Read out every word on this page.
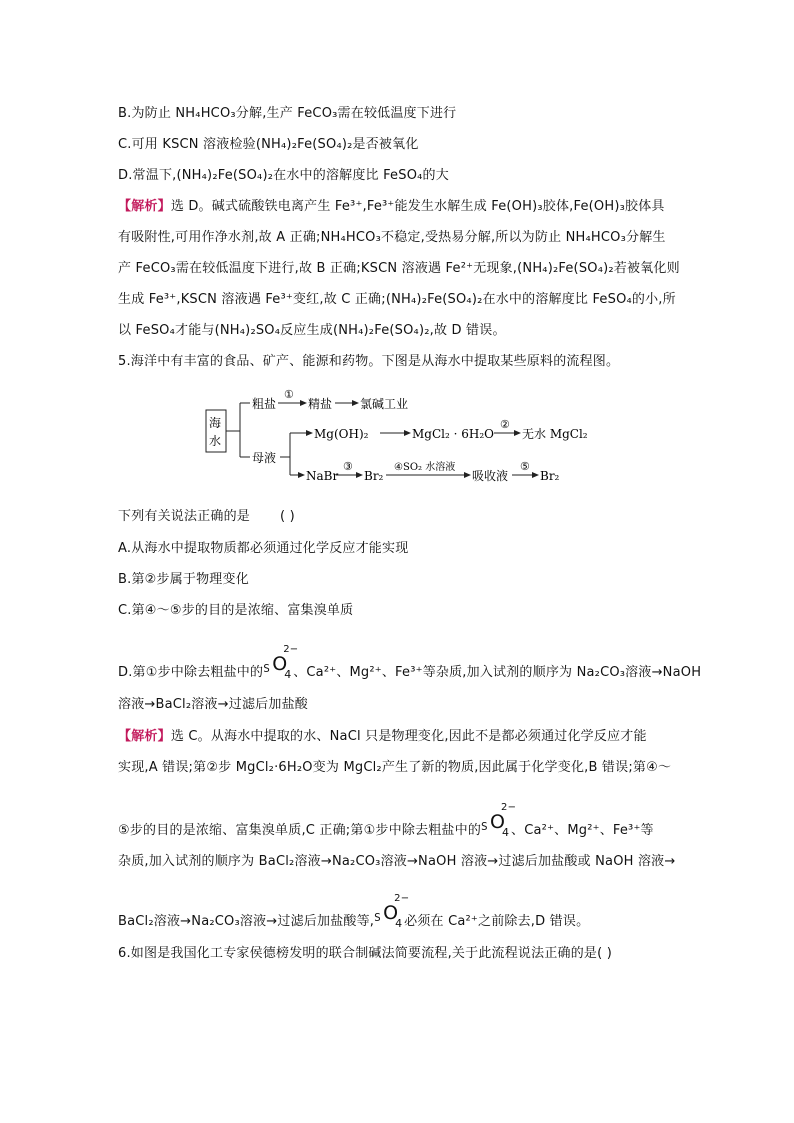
B.为防止 NH₄HCO₃分解,生产 FeCO₃需在较低温度下进行
C.可用 KSCN 溶液检验(NH₄)₂Fe(SO₄)₂是否被氧化
D.常温下,(NH₄)₂Fe(SO₄)₂在水中的溶解度比 FeSO₄的大
【解析】选 D。碱式硫酸铁电离产生 Fe³⁺,Fe³⁺能发生水解生成 Fe(OH)₃胶体,Fe(OH)₃胶体具
有吸附性,可用作净水剂,故 A 正确;NH₄HCO₃不稳定,受热易分解,所以为防止 NH₄HCO₃分解生
产 FeCO₃需在较低温度下进行,故 B 正确;KSCN 溶液遇 Fe²⁺无现象,(NH₄)₂Fe(SO₄)₂若被氧化则
生成 Fe³⁺,KSCN 溶液遇 Fe³⁺变红,故 C 正确;(NH₄)₂Fe(SO₄)₂在水中的溶解度比 FeSO₄的小,所
以 FeSO₄才能与(NH₄)₂SO₄反应生成(NH₄)₂Fe(SO₄)₂,故 D 错误。
5.海洋中有丰富的食品、矿产、能源和药物。下图是从海水中提取某些原料的流程图。
海
水
粗盐
①
精盐 氯碱工业
母液
Mg(OH)₂	MgCl₂ · 6H₂O
②
无水 MgCl₂
NaBr
③
Br₂
④SO₂ 水溶液
吸收液
⑤
Br₂
下列有关说法正确的是 ( )
A.从海水中提取物质都必须通过化学反应才能实现
B.第②步属于物理变化
C.第④～⑤步的目的是浓缩、富集溴单质
D.第①步中除去粗盐中的 S O
2−
4 、Ca²⁺、Mg²⁺、Fe³⁺等杂质,加入试剂的顺序为 Na₂CO₃溶液→NaOH
溶液→BaCl₂溶液→过滤后加盐酸
【解析】选 C。从海水中提取的水、NaCl 只是物理变化,因此不是都必须通过化学反应才能
实现,A 错误;第②步 MgCl₂·6H₂O变为 MgCl₂产生了新的物质,因此属于化学变化,B 错误;第④～
⑤步的目的是浓缩、富集溴单质,C 正确;第①步中除去粗盐中的 S O
2−
4 、Ca²⁺、Mg²⁺、Fe³⁺等
杂质,加入试剂的顺序为 BaCl₂溶液→Na₂CO₃溶液→NaOH 溶液→过滤后加盐酸或 NaOH 溶液→
BaCl₂溶液→Na₂CO₃溶液→过滤后加盐酸等, S O
2−
4 必须在 Ca²⁺之前除去,D 错误。
6.如图是我国化工专家侯德榜发明的联合制碱法简要流程,关于此流程说法正确的是( )
